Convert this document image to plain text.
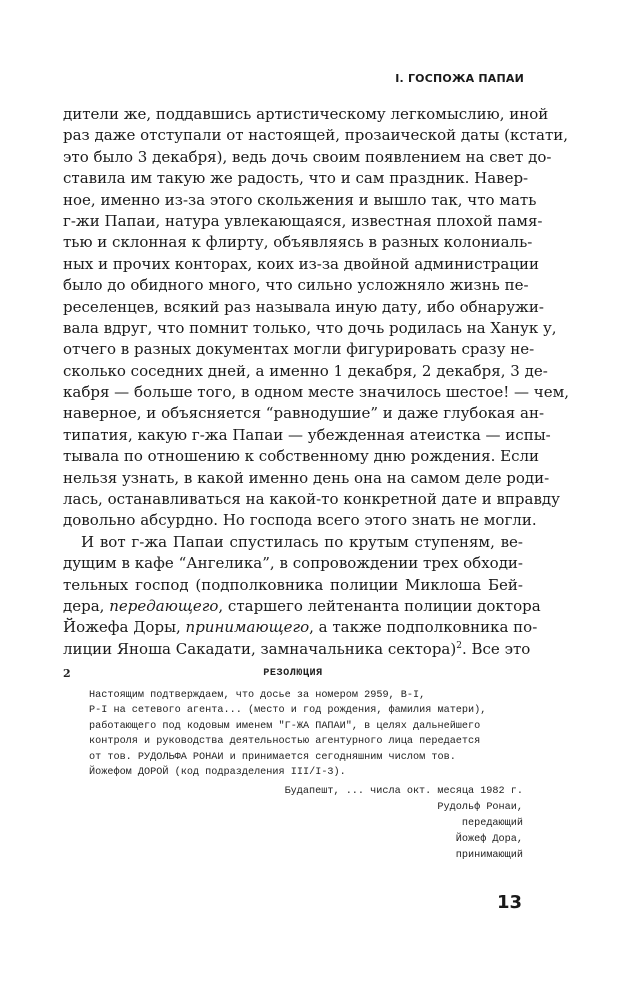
I. ГОСПОЖА ПАПАИ
дители же, поддавшись артистическому легкомыслию, иной
раз даже отступали от настоящей, прозаической даты (кстати,
это было 3 декабря), ведь дочь своим появлением на свет до-
ставила им такую же радость, что и сам праздник. Навер-
ное, именно из-за этого скольжения и вышло так, что мать
г-жи Папаи, натура увлекающаяся, известная плохой памя-
тью и склонная к флирту, объявляясь в разных колониаль-
ных и прочих конторах, коих из-за двойной администрации
было до обидного много, что сильно усложняло жизнь пе-
реселенцев, всякий раз называла иную дату, ибо обнаружи-
вала вдруг, что помнит только, что дочь родилась на Ханук у,
отчего в разных документах могли фигурировать сразу не-
сколько соседних дней, а именно 1 декабря, 2 декабря, 3 де-
кабря — больше того, в одном месте значилось шестое! — чем,
наверное, и объясняется “равнодушие” и даже глубокая ан-
типатия, какую г-жа Папаи — убежденная атеистка — испы-
тывала по отношению к собственному дню рождения. Если
нельзя узнать, в какой именно день она на самом деле роди-
лась, останавливаться на какой-то конкретной дате и вправду
довольно абсурдно. Но господа всего этого знать не могли.
И вот г-жа Папаи спустилась по крутым ступеням, ве-
дущим в кафе “Ангелика”, в сопровождении трех обходи-
тельных господ (подполковника полиции Миклоша Бей-
дера, передающего, старшего лейтенанта полиции доктора
Йожефа Доры, принимающего, а также подполковника по-
лиции Яноша Сакадати, замначальника сектора)$^2$. Все это
2	РЕЗОЛЮЦИЯ
Настоящим подтверждаем, что досье за номером 2959, В-I,
Р-I на сетевого агента... (место и год рождения, фамилия матери),
работающего под кодовым именем "Г-ЖА ПАПАИ", в целях дальнейшего
контроля и руководства деятельностью агентурного лица передается
от тов. РУДОЛЬФА РОНАИ и принимается сегодняшним числом тов.
Йожефом ДОРОЙ (код подразделения III/I-3).
Будапешт, ... числа окт. месяца 1982 г.
Рудольф Ронаи,
передающий
Йожеф Дора,
принимающий
13
